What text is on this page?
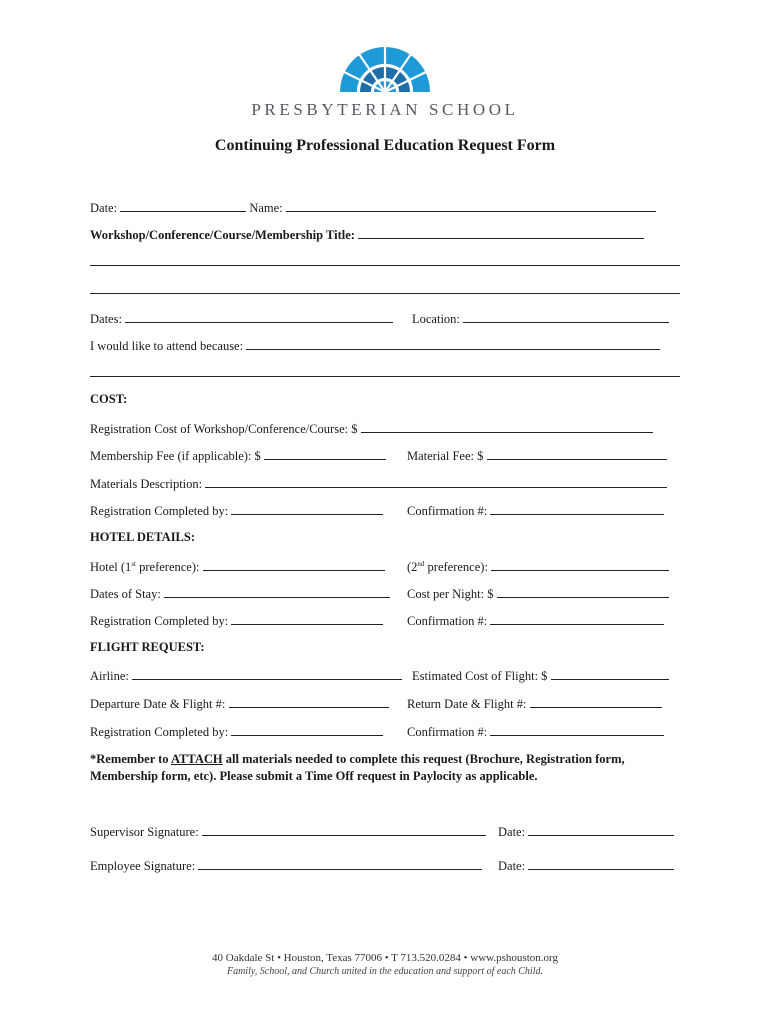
PRESBYTERIAN SCHOOL
Continuing Professional Education Request Form
Date:	Name:
Workshop/Conference/Course/Membership Title:
Dates:	Location:
I would like to attend because:
COST:
Registration Cost of Workshop/Conference/Course: $
Membership Fee (if applicable): $	Material Fee: $
Materials Description:
Registration Completed by:	Confirmation #:
HOTEL DETAILS:
Hotel (1st preference):	(2nd preference):
Dates of Stay:	Cost per Night: $
Registration Completed by:	Confirmation #:
FLIGHT REQUEST:
Airline:	Estimated Cost of Flight: $
Departure Date & Flight #:	Return Date & Flight #:
Registration Completed by:	Confirmation #:
*Remember to ATTACH all materials needed to complete this request (Brochure, Registration form, Membership form, etc). Please submit a Time Off request in Paylocity as applicable.
Supervisor Signature:	Date:
Employee Signature:	Date:
40 Oakdale St • Houston, Texas 77006 • T 713.520.0284 • www.pshouston.org
Family, School, and Church united in the education and support of each Child.
